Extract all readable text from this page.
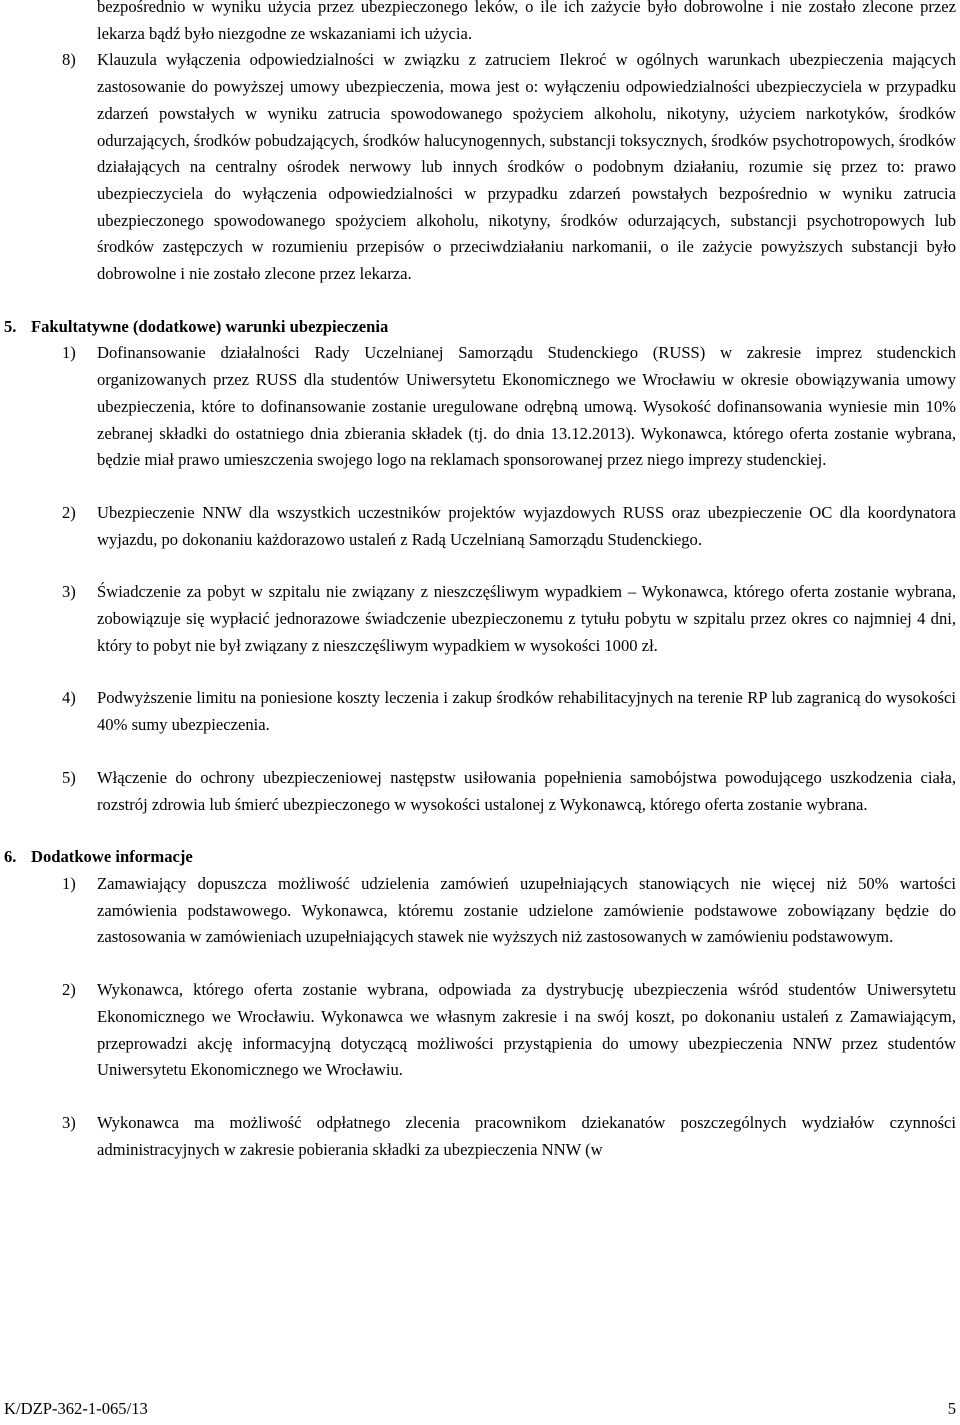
bezpośrednio w wyniku użycia przez ubezpieczonego leków, o ile ich zażycie było dobrowolne i nie zostało zlecone przez lekarza bądź było niezgodne ze wskazaniami ich użycia.
8) Klauzula wyłączenia odpowiedzialności w związku z zatruciem Ilekroć w ogólnych warunkach ubezpieczenia mających zastosowanie do powyższej umowy ubezpieczenia, mowa jest o: wyłączeniu odpowiedzialności ubezpieczyciela w przypadku zdarzeń powstałych w wyniku zatrucia spowodowanego spożyciem alkoholu, nikotyny, użyciem narkotyków, środków odurzających, środków pobudzających, środków halucynogennych, substancji toksycznych, środków psychotropowych, środków działających na centralny ośrodek nerwowy lub innych środków o podobnym działaniu, rozumie się przez to: prawo ubezpieczyciela do wyłączenia odpowiedzialności w przypadku zdarzeń powstałych bezpośrednio w wyniku zatrucia ubezpieczonego spowodowanego spożyciem alkoholu, nikotyny, środków odurzających, substancji psychotropowych lub środków zastępczych w rozumieniu przepisów o przeciwdziałaniu narkomanii, o ile zażycie powyższych substancji było dobrowolne i nie zostało zlecone przez lekarza.
5. Fakultatywne (dodatkowe) warunki ubezpieczenia
1) Dofinansowanie działalności Rady Uczelnianej Samorządu Studenckiego (RUSS) w zakresie imprez studenckich organizowanych przez RUSS dla studentów Uniwersytetu Ekonomicznego we Wrocławiu w okresie obowiązywania umowy ubezpieczenia, które to dofinansowanie zostanie uregulowane odrębną umową. Wysokość dofinansowania wyniesie min 10% zebranej składki do ostatniego dnia zbierania składek (tj. do dnia 13.12.2013). Wykonawca, którego oferta zostanie wybrana, będzie miał prawo umieszczenia swojego logo na reklamach sponsorowanej przez niego imprezy studenckiej.
2) Ubezpieczenie NNW dla wszystkich uczestników projektów wyjazdowych RUSS oraz ubezpieczenie OC dla koordynatora wyjazdu, po dokonaniu każdorazowo ustaleń z Radą Uczelnianą Samorządu Studenckiego.
3) Świadczenie za pobyt w szpitalu nie związany z nieszczęśliwym wypadkiem – Wykonawca, którego oferta zostanie wybrana, zobowiązuje się wypłacić jednorazowe świadczenie ubezpieczonemu z tytułu pobytu w szpitalu przez okres co najmniej 4 dni, który to pobyt nie był związany z nieszczęśliwym wypadkiem w wysokości 1000 zł.
4) Podwyższenie limitu na poniesione koszty leczenia i zakup środków rehabilitacyjnych na terenie RP lub zagranicą do wysokości 40% sumy ubezpieczenia.
5) Włączenie do ochrony ubezpieczeniowej następstw usiłowania popełnienia samobójstwa powodującego uszkodzenia ciała, rozstrój zdrowia lub śmierć ubezpieczonego w wysokości ustalonej z Wykonawcą, którego oferta zostanie wybrana.
6. Dodatkowe informacje
1) Zamawiający dopuszcza możliwość udzielenia zamówień uzupełniających stanowiących nie więcej niż 50% wartości zamówienia podstawowego. Wykonawca, któremu zostanie udzielone zamówienie podstawowe zobowiązany będzie do zastosowania w zamówieniach uzupełniających stawek nie wyższych niż zastosowanych w zamówieniu podstawowym.
2) Wykonawca, którego oferta zostanie wybrana, odpowiada za dystrybucję ubezpieczenia wśród studentów Uniwersytetu Ekonomicznego we Wrocławiu. Wykonawca we własnym zakresie i na swój koszt, po dokonaniu ustaleń z Zamawiającym, przeprowadzi akcję informacyjną dotyczącą możliwości przystąpienia do umowy ubezpieczenia NNW przez studentów Uniwersytetu Ekonomicznego we Wrocławiu.
3) Wykonawca ma możliwość odpłatnego zlecenia pracownikom dziekanatów poszczególnych wydziałów czynności administracyjnych w zakresie pobierania składki za ubezpieczenia NNW (w
K/DZP-362-1-065/13	5
